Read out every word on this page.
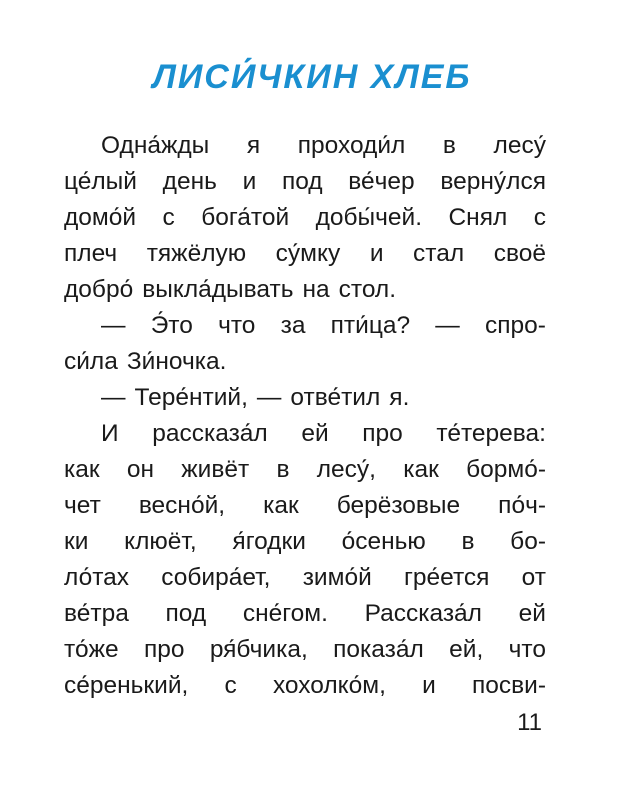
ЛИСИ́ЧКИН ХЛЕБ
Одна́жды я проходи́л в лесу́
це́лый день и под ве́чер верну́лся
домо́й с бога́той добы́чей. Снял с
плеч тяжёлую су́мку и стал своё
добро́ выкла́дывать на стол.
— Э́то что за пти́ца? — спро-
си́ла Зи́ночка.
— Тере́нтий, — отве́тил я.
И рассказа́л ей про те́терева:
как он живёт в лесу́, как бормо́-
чет весно́й, как берёзовые по́ч-
ки клюёт, я́годки о́сенью в бо-
ло́тах собира́ет, зимо́й гре́ется от
ве́тра под сне́гом. Рассказа́л ей
то́же про ря́бчика, показа́л ей, что
се́ренький, с хохолко́м, и посви-
11
